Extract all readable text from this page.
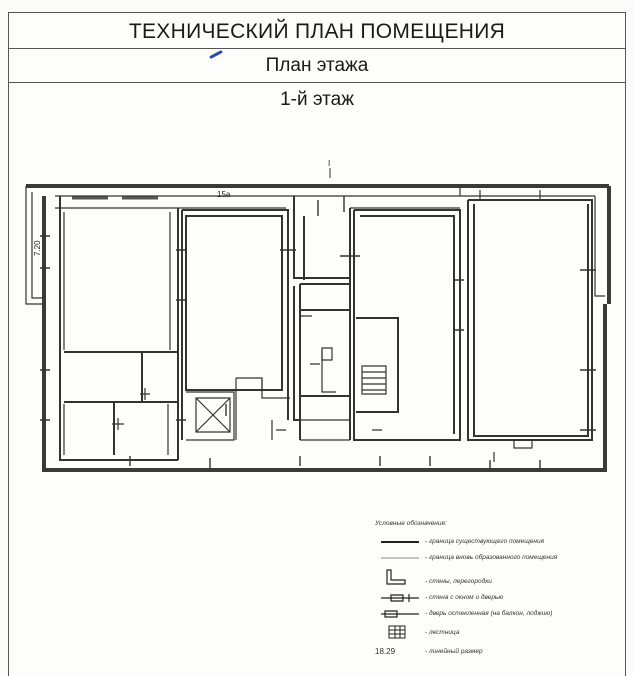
ТЕХНИЧЕСКИЙ ПЛАН ПОМЕЩЕНИЯ
План этажа
1-й этаж
15a
7.20
I
Условные обозначения:
- граница существующего помещения
- граница вновь образованного помещения
- стены, перегородки
- стена с окном и дверью
- дверь остекленная (на балкон, лоджию)
- лестница
18.29	- линейный размер
